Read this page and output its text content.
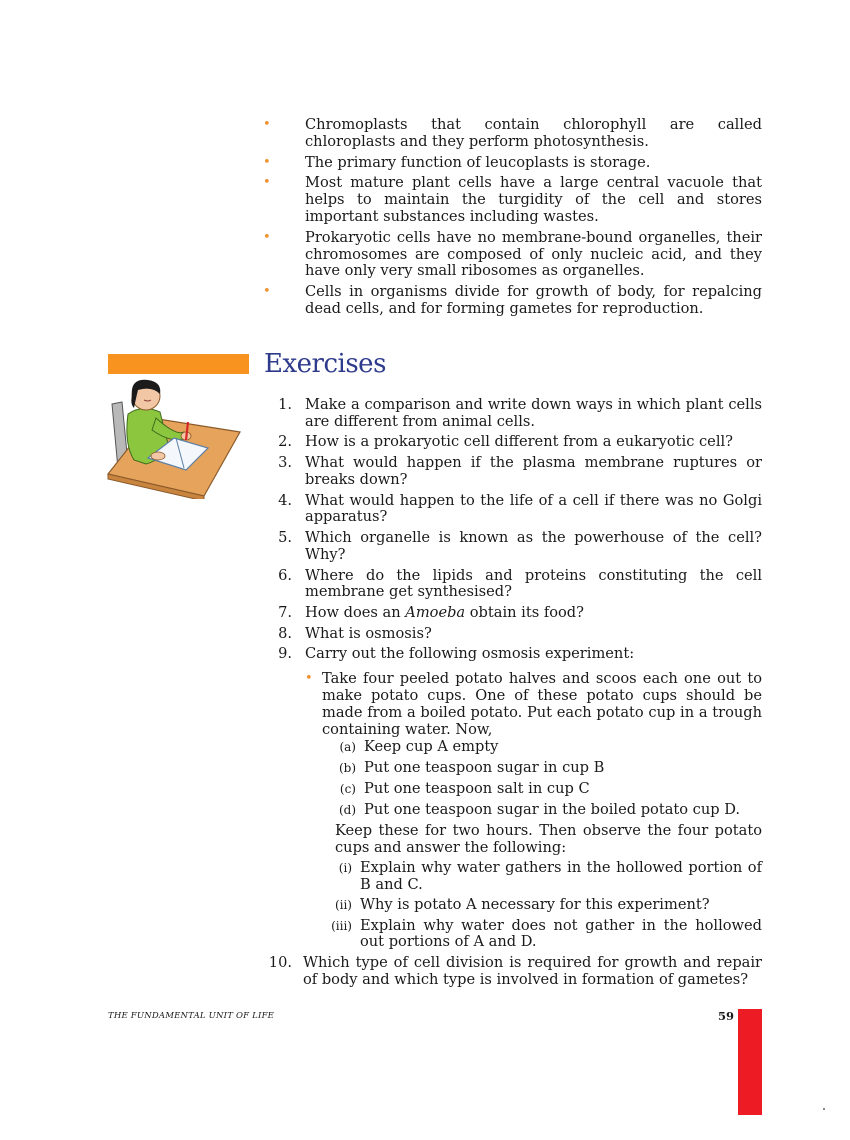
• Chromoplasts that contain chlorophyll are called chloroplasts and they perform photosynthesis.
• The primary function of leucoplasts is storage.
• Most mature plant cells have a large central vacuole that helps to maintain the turgidity of the cell and stores important substances including wastes.
• Prokaryotic cells have no membrane-bound organelles, their chromosomes are composed of only nucleic acid, and they have only very small ribosomes as organelles.
• Cells in organisms divide for growth of body, for repalcing dead cells, and for forming gametes for reproduction.
Exercises
1. Make a comparison and write down ways in which plant cells are different from animal cells.
2. How is a prokaryotic cell different from a eukaryotic cell?
3. What would happen if the plasma membrane ruptures or breaks down?
4. What would happen to the life of a cell if there was no Golgi apparatus?
5. Which organelle is known as the powerhouse of the cell? Why?
6. Where do the lipids and proteins constituting the cell membrane get synthesised?
7. How does an Amoeba obtain its food?
8. What is osmosis?
9. Carry out the following osmosis experiment:
• Take four peeled potato halves and scoos each one out to make potato cups. One of these potato cups should be made from a boiled potato. Put each potato cup in a trough containing water. Now,
(a) Keep cup A empty
(b) Put one teaspoon sugar in cup B
(c) Put one teaspoon salt in cup C
(d) Put one teaspoon sugar in the boiled potato cup D.
Keep these for two hours. Then observe the four potato cups and answer the following:
(i) Explain why water gathers in the hollowed portion of B and C.
(ii) Why is potato A necessary for this experiment?
(iii) Explain why water does not gather in the hollowed out portions of A and D.
10. Which type of cell division is required for growth and repair of body and which type is involved in formation of gametes?
THE FUNDAMENTAL UNIT OF LIFE	59
